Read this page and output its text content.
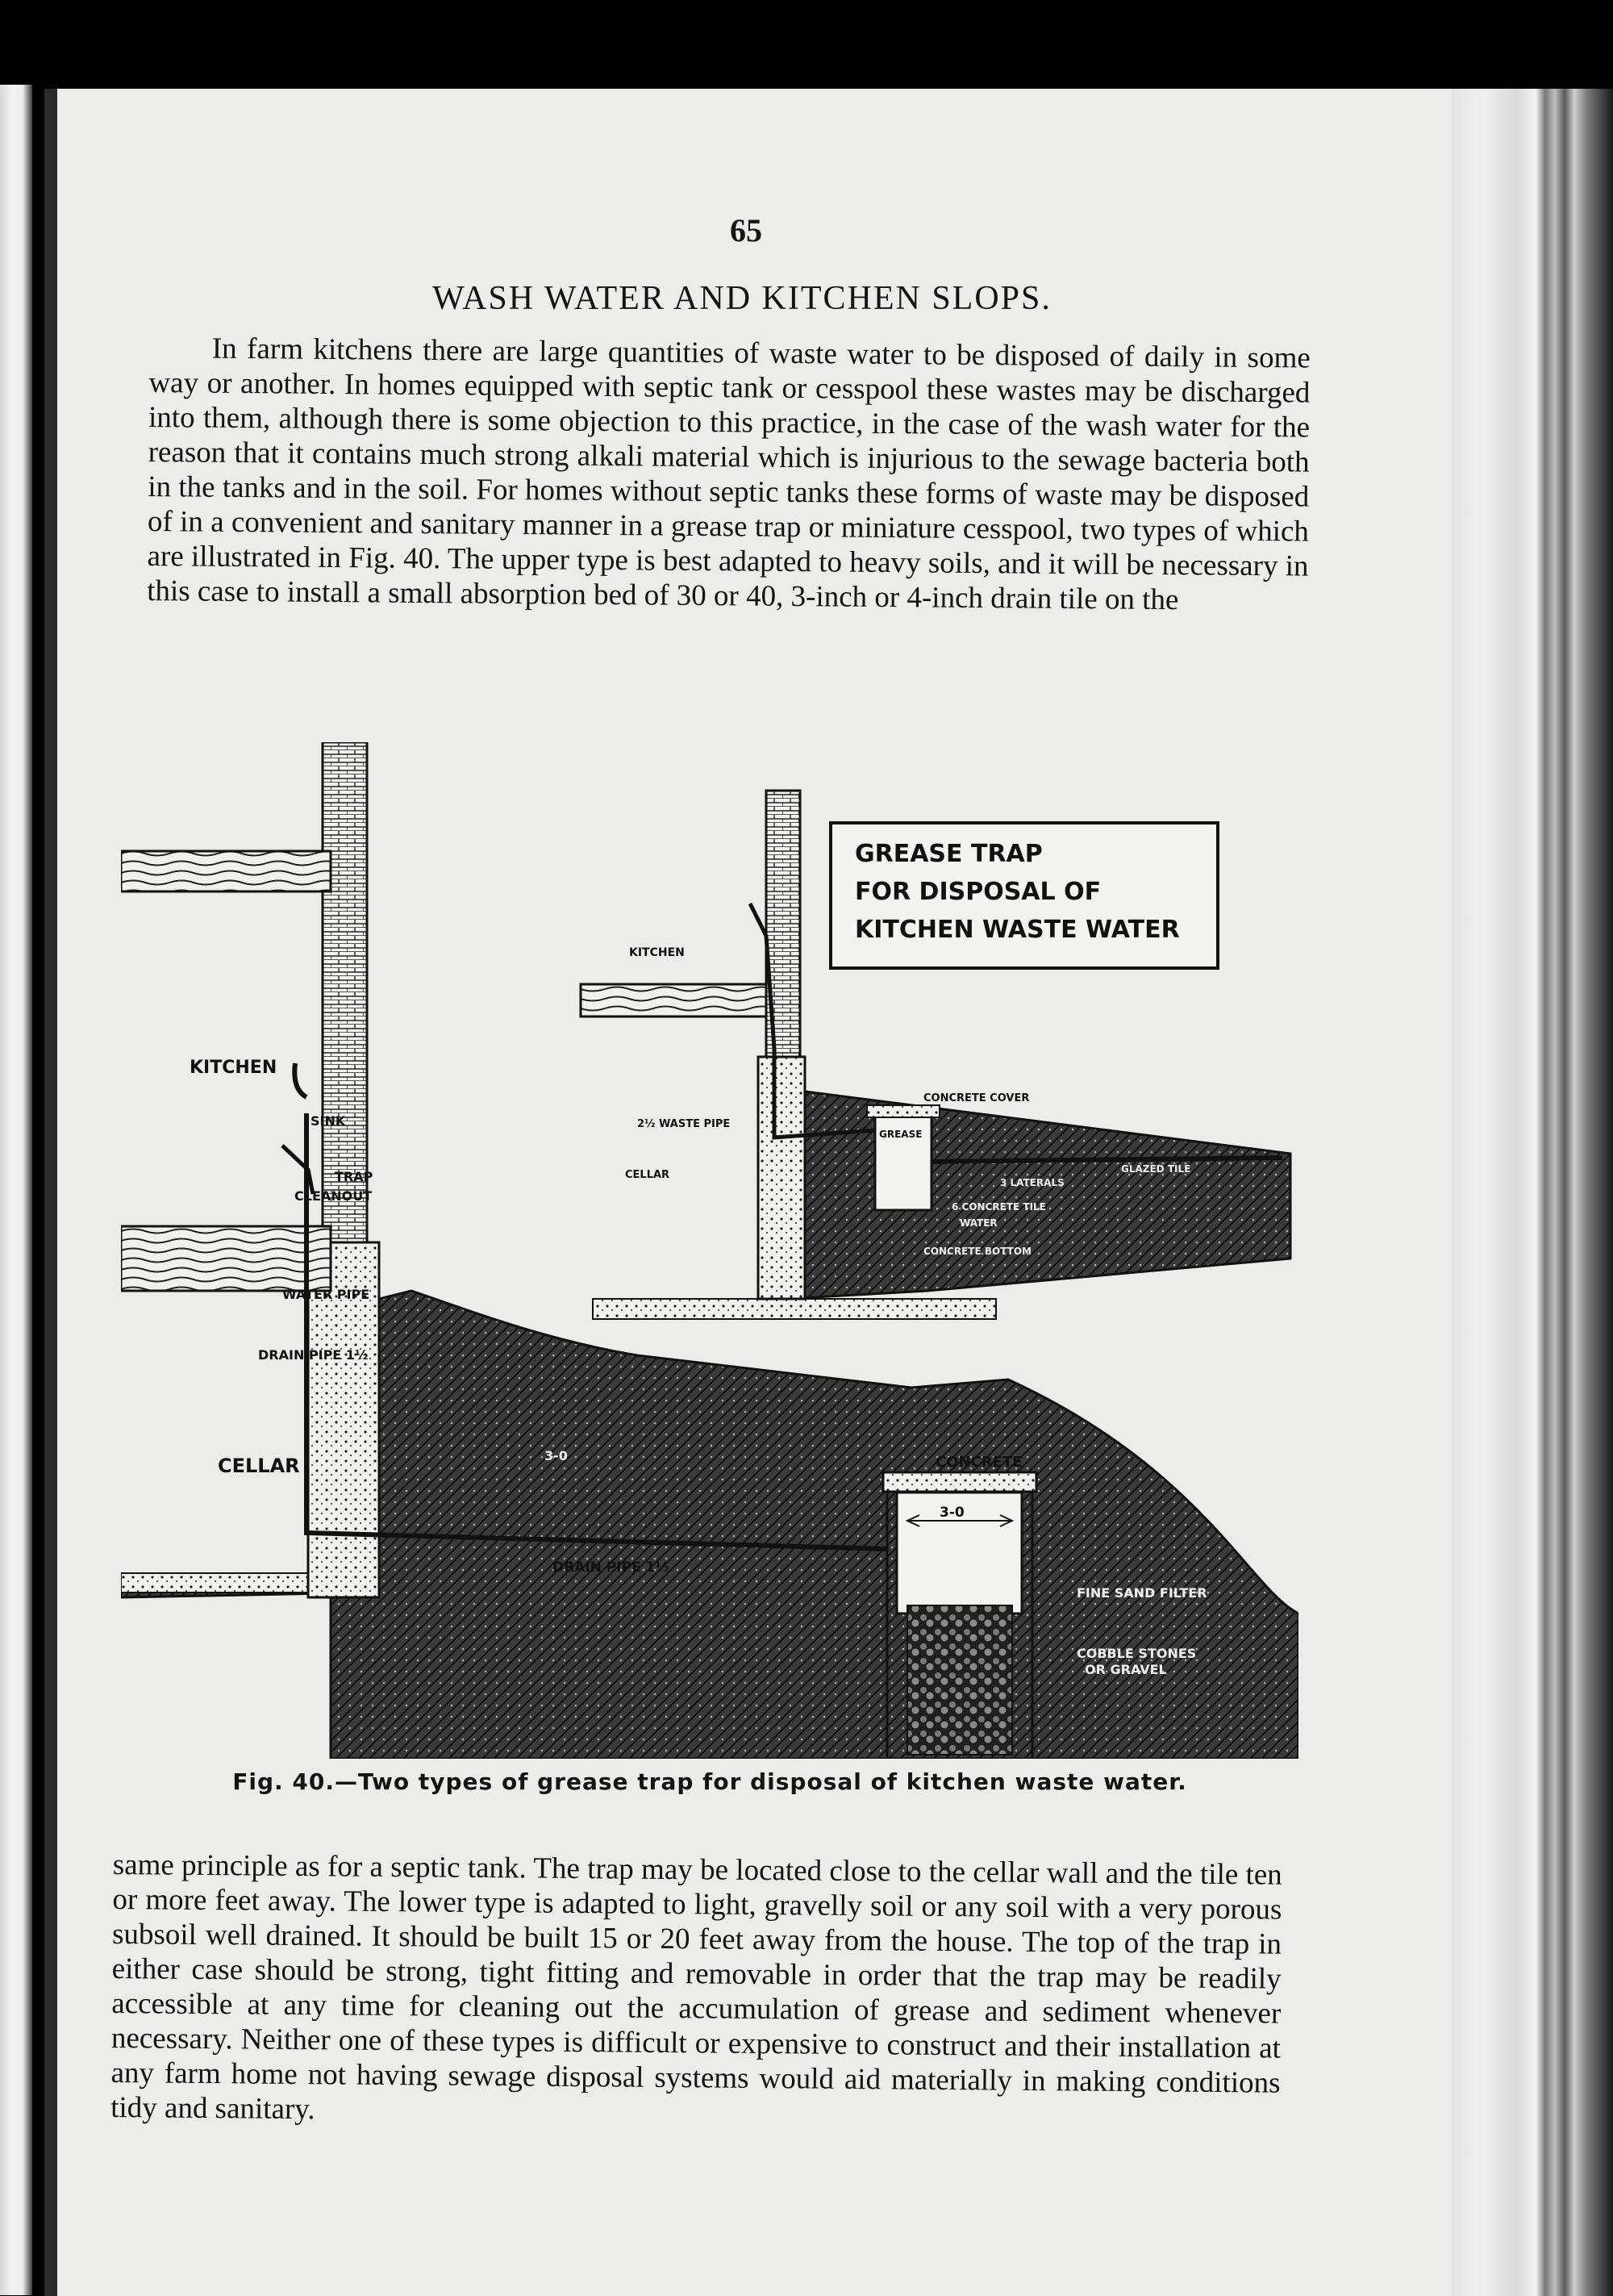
65
WASH WATER AND KITCHEN SLOPS.
In farm kitchens there are large quantities of waste water to be disposed of daily in some way or another. In homes equipped with septic tank or cesspool these wastes may be discharged into them, although there is some objection to this practice, in the case of the wash water for the reason that it contains much strong alkali material which is injurious to the sewage bacteria both in the tanks and in the soil. For homes without septic tanks these forms of waste may be disposed of in a convenient and sanitary manner in a grease trap or miniature cesspool, two types of which are illustrated in Fig. 40. The upper type is best adapted to heavy soils, and it will be necessary in this case to install a small absorption bed of 30 or 40, 3-inch or 4-inch drain tile on the
KITCHEN
SINK
TRAP
CLEANOUT
WATER PIPE
DRAIN PIPE 1½
CELLAR	3-0
DRAIN PIPE 1½
CONCRETE
3-0
FINE SAND FILTER
COBBLE STONES
OR GRAVEL
KITCHEN
2½ WASTE PIPE
CELLAR
CONCRETE COVER
GREASE
GLAZED TILE
3 LATERALS
6 CONCRETE TILE
WATER
CONCRETE BOTTOM
GREASE TRAP
FOR DISPOSAL OF
KITCHEN WASTE WATER
Fig. 40.—Two types of grease trap for disposal of kitchen waste water.
same principle as for a septic tank. The trap may be located close to the cellar wall and the tile ten or more feet away. The lower type is adapted to light, gravelly soil or any soil with a very porous subsoil well drained. It should be built 15 or 20 feet away from the house. The top of the trap in either case should be strong, tight fitting and removable in order that the trap may be readily accessible at any time for cleaning out the accumulation of grease and sediment whenever necessary. Neither one of these types is difficult or expensive to construct and their installation at any farm home not having sewage disposal systems would aid materially in making conditions tidy and sanitary.
